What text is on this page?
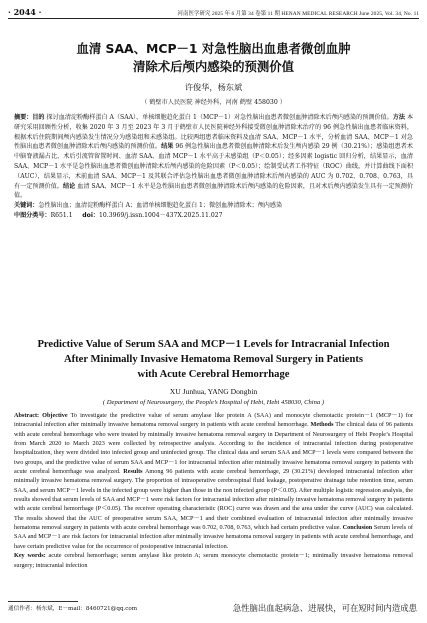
· 2044 ·	河南医学研究 2025 年 6 月第 34 卷第 11 期 HENAN MEDICAL RESEARCH June 2025, Vol. 34, No. 11
血清 SAA、MCP－1 对急性脑出血患者微创血肿
清除术后颅内感染的预测价值
许俊华，杨东斌
（ 鹤壁市人民医院 神经外科，河南 鹤壁 458030 ）
摘要：目的 探讨血清淀粉酶样蛋白 A（SAA）、单核细胞趋化蛋白 1（MCP－1）对急性脑出血患者微创血肿清除术后颅内感染的预测价值。方法 本研究采用回顾性分析，收集 2020 年 3 月至 2023 年 3 月于鹤壁市人民医院神经外科接受微创血肿清除术治疗的 96 例急性脑出血患者临床资料，根据术后住院期间颅内感染发生情况分为感染组和未感染组。比较两组患者临床资料及血清 SAA、MCP－1 水平，分析血清 SAA、MCP－1 对急性脑出血患者微创血肿清除术后颅内感染的预测价值。结果 96 例急性脑出血患者微创血肿清除术后发生颅内感染 29 例（30.21%）；感染组患者术中脑脊液漏占比、术后引流管留置时间、血清 SAA、血清 MCP－1 水平高于未感染组（P＜0.05）；经多因素 logistic 回归分析，结果显示，血清 SAA、MCP－1 水平是急性脑出血患者微创血肿清除术后颅内感染的危险因素（P＜0.05）；绘制受试者工作特征（ROC）曲线，并计算曲线下面积（AUC），结果显示，术前血清 SAA、MCP－1 及其联合评估急性脑出血患者微创血肿清除术后颅内感染的 AUC 为 0.702、0.708、0.763，具有一定预测价值。结论 血清 SAA、MCP－1 水平是急性脑出血患者微创血肿清除术后颅内感染的危险因素，且对术后颅内感染发生具有一定预测价值。
关键词：急性脑出血；血清淀粉酶样蛋白 A；血清单核细胞趋化蛋白 1；微创血肿清除术；颅内感染
中图分类号：R651.1 doi：10.3969/j.issn.1004－437X.2025.11.027
Predictive Value of Serum SAA and MCP－1 Levels for Intracranial Infection
After Minimally Invasive Hematoma Removal Surgery in Patients
with Acute Cerebral Hemorrhage
XU Junhua, YANG Dongbin
( Department of Neurosurgery, the People’s Hospital of Hebi, Hebi 458030, China )
Abstract: Objective To investigate the predictive value of serum amylase like protein A (SAA) and monocyte chemotactic protein－1 (MCP－1) for intracranial infection after minimally invasive hematoma removal surgery in patients with acute cerebral hemorrhage. Methods The clinical data of 96 patients with acute cerebral hemorrhage who were treated by minimally invasive hematoma removal surgery in Department of Neurosurgery of Hebi People’s Hospital from March 2020 to March 2023 were collected by retrospective analysis. According to the incidence of intracranial infection during postoperative hospitalization, they were divided into infected group and uninfected group. The clinical data and serum SAA and MCP－1 levels were compared between the two groups, and the predictive value of serum SAA and MCP－1 for intracranial infection after minimally invasive hematoma removal surgery in patients with acute cerebral hemorrhage was analyzed. Results Among 96 patients with acute cerebral hemorrhage, 29 (30.21%) developed intracranial infection after minimally invasive hematoma removal surgery. The proportion of intraoperative cerebrospinal fluid leakage, postoperative drainage tube retention time, serum SAA, and serum MCP－1 levels in the infected group were higher than those in the non infected group (P＜0.05). After multiple logistic regression analysis, the results showed that serum levels of SAA and MCP－1 were risk factors for intracranial infection after minimally invasive hematoma removal surgery in patients with acute cerebral hemorrhage (P＜0.05). The receiver operating characteristic (ROC) curve was drawn and the area under the curve (AUC) was calculated. The results showed that the AUC of preoperative serum SAA, MCP－1 and their combined evaluation of intracranial infection after minimally invasive hematoma removal surgery in patients with acute cerebral hemorrhage was 0.702, 0.708, 0.763, which had certain predictive value. Conclusion Serum levels of SAA and MCP－1 are risk factors for intracranial infection after minimally invasive hematoma removal surgery in patients with acute cerebral hemorrhage, and have certain predictive value for the occurrence of postoperative intracranial infection.
Key words: acute cerebral hemorrhage; serum amylase like protein A; serum monocyte chemotactic protein－1; minimally invasive hematoma removal surgery; intracranial infection
通信作者：杨东斌，E－mail：8460721@qq.com	急性脑出血起病急、进展快，可在短时间内造成患
